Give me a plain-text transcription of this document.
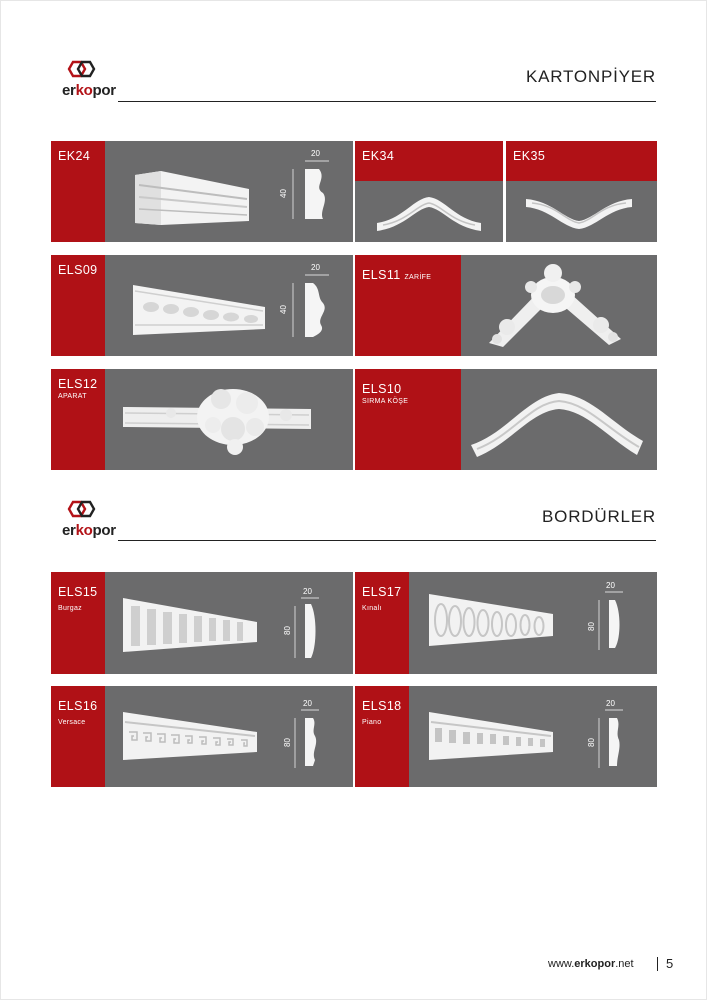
erkopor
KARTONPİYER
EK24	20
40
EK34	EK35
ELS09	20
40
ELS11 ZARİFE
ELS12
APARAT
ELS10
SIRMA KÖŞE
erkopor
BORDÜRLER
ELS15
Burgaz
20
80
ELS17
Kınalı
20
80
ELS16
Versace
20
80
ELS18
Piano
20
80
www.erkopor.net 5
